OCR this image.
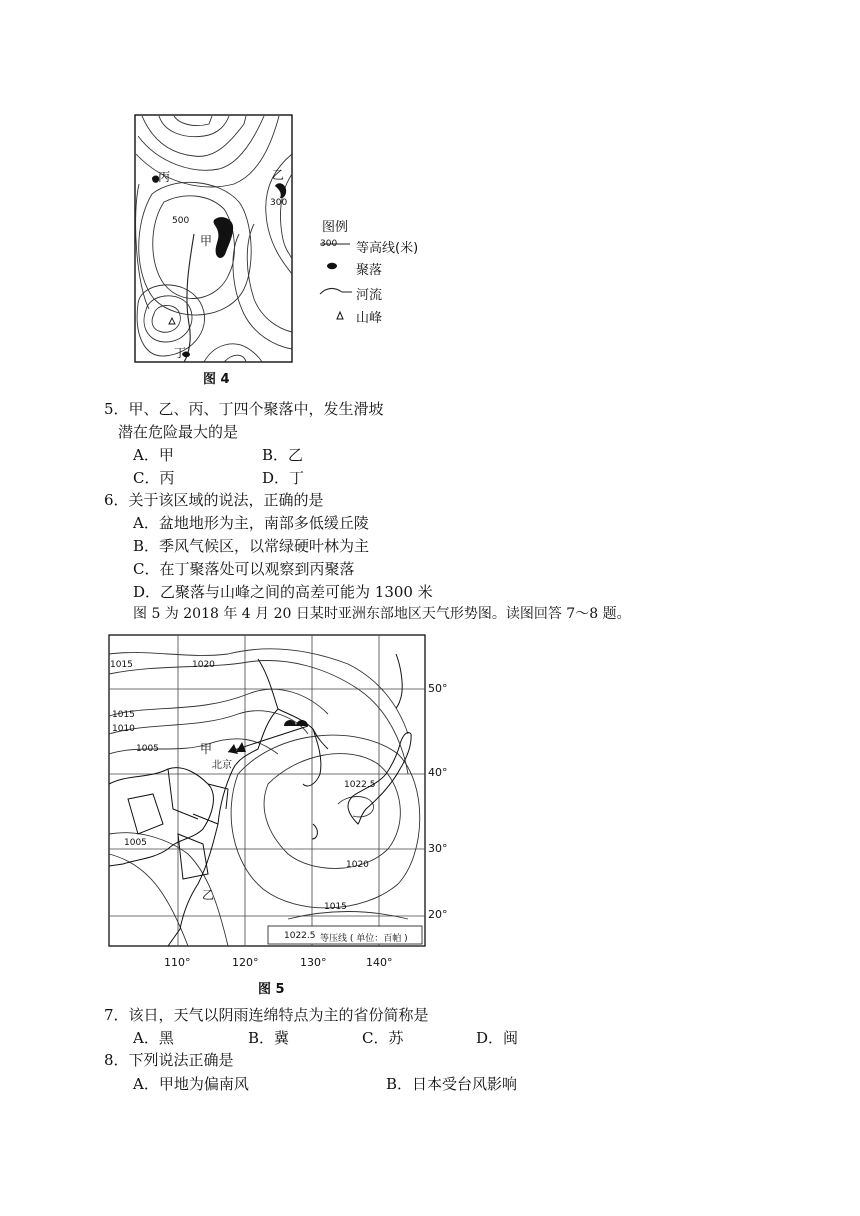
丙	乙
300
500
甲
丁
图例
300 等高线(米)
聚落
河流
山峰
图 4
5．甲、乙、丙、丁四个聚落中，发生滑坡
潜在危险最大的是
A．甲	B．乙
C．丙	D．丁
6．关于该区域的说法，正确的是
A．盆地地形为主，南部多低缓丘陵
B．季风气候区，以常绿硬叶林为主
C．在丁聚落处可以观察到丙聚落
D．乙聚落与山峰之间的高差可能为 1300 米
图 5 为 2018 年 4 月 20 日某时亚洲东部地区天气形势图。读图回答 7～8 题。
1015	1020
1015
1010
1005
1022.5
1005
1020
1015
甲
北京
乙
50°
40°
30°
20°
1022.5 等压线 ( 单位：百帕 )
110°	120°	130°	140°
图 5
7．该日，天气以阴雨连绵特点为主的省份简称是
A．黑	B．冀	C．苏	D．闽
8．下列说法正确是
A．甲地为偏南风	B．日本受台风影响
